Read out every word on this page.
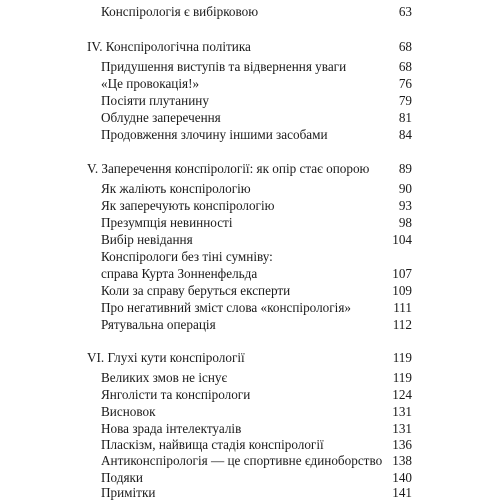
Конспірологія є вибірковою	63
IV. Конспірологічна політика	68
Придушення виступів та відвернення уваги	68
«Це провокація!»	76
Посіяти плутанину	79
Облудне заперечення	81
Продовження злочину іншими засобами	84
V. Заперечення конспірології: як опір стає опорою 89
Як жаліють конспірологію	90
Як заперечують конспірологію	93
Презумпція невинності	98
Вибір невідання	104
Конспірологи без тіні сумніву:
справа Курта Зонненфельда	107
Коли за справу беруться експерти	109
Про негативний зміст слова «конспірологія»	111
Рятувальна операція	112
VI. Глухі кути конспірології	119
Великих змов не існує	119
Янголісти та конспірологи	124
Висновок	131
Нова зрада інтелектуалів	131
Пласкізм, найвища стадія конспірології	136
Антиконспірологія — це спортивне єдиноборство 138
Подяки	140
Примітки	141
